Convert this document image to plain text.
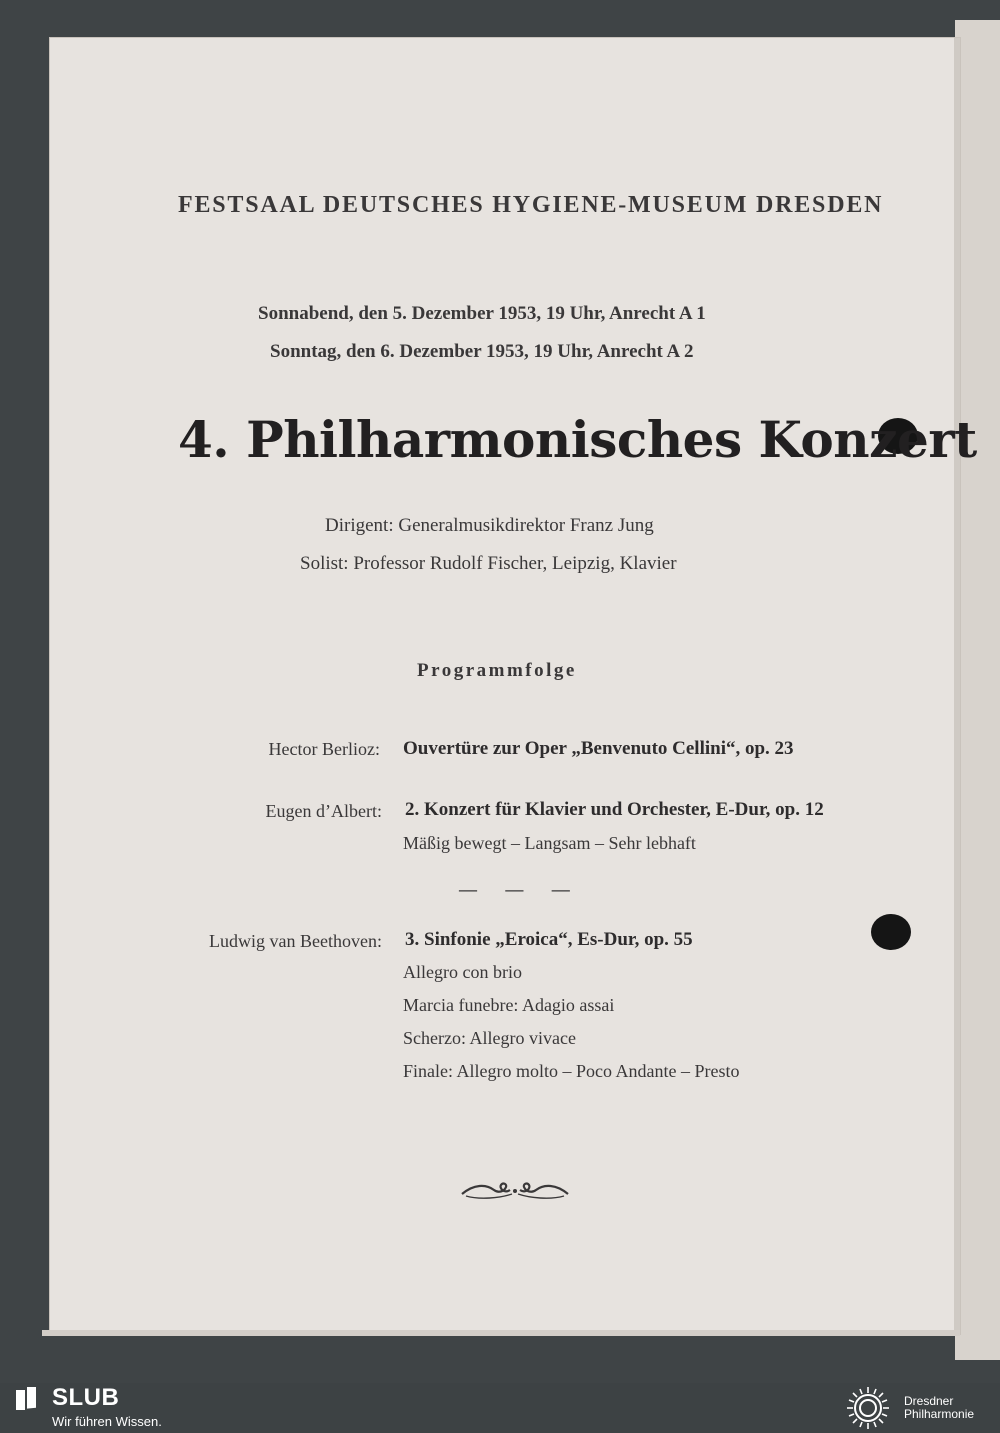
FESTSAAL DEUTSCHES HYGIENE-MUSEUM DRESDEN
Sonnabend, den 5. Dezember 1953, 19 Uhr, Anrecht A 1
Sonntag, den 6. Dezember 1953, 19 Uhr, Anrecht A 2
4. Philharmonisches Konzert
Dirigent: Generalmusikdirektor Franz Jung
Solist: Professor Rudolf Fischer, Leipzig, Klavier
Programmfolge
Hector Berlioz: Ouvertüre zur Oper „Benvenuto Cellini“, op. 23
Eugen d’Albert: 2. Konzert für Klavier und Orchester, E-Dur, op. 12
Mäßig bewegt – Langsam – Sehr lebhaft
— — —
Ludwig van Beethoven: 3. Sinfonie „Eroica“, Es-Dur, op. 55
Allegro con brio
Marcia funebre: Adagio assai
Scherzo: Allegro vivace
Finale: Allegro molto – Poco Andante – Presto
SLUB
Wir führen Wissen.
Dresdner
Philharmonie
